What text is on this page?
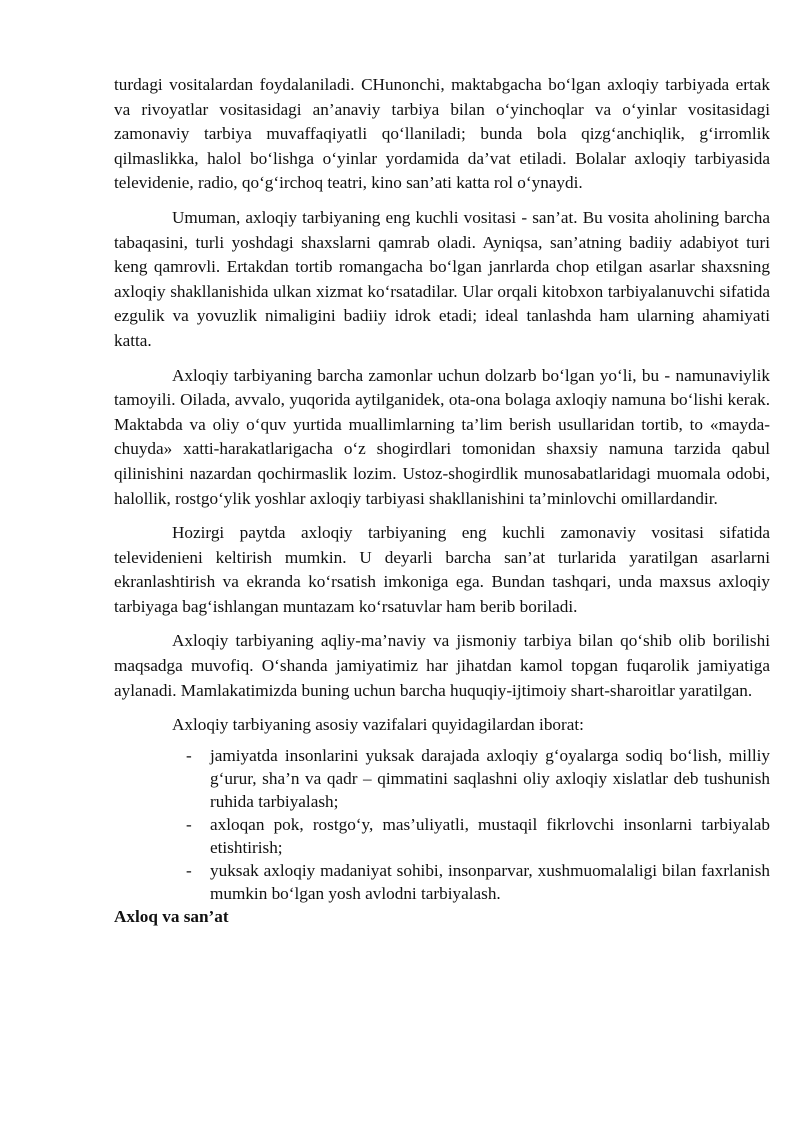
turdagi vositalardan foydalaniladi. CHunonchi, maktabgacha bo‘lgan axloqiy tarbiyada ertak va rivoyatlar vositasidagi an’anaviy tarbiya bilan o‘yinchoqlar va o‘yinlar vositasidagi zamonaviy tarbiya muvaffaqiyatli qo‘llaniladi; bunda bola qizg‘anchiqlik, g‘irromlik qilmaslikka, halol bo‘lishga o‘yinlar yordamida da’vat etiladi. Bolalar axloqiy tarbiyasida televidenie, radio, qo‘g‘irchoq teatri, kino san’ati katta rol o‘ynaydi.

Umuman, axloqiy tarbiyaning eng kuchli vositasi - san’at. Bu vosita aholining barcha tabaqasini, turli yoshdagi shaxslarni qamrab oladi. Ayniqsa, san’atning badiiy adabiyot turi keng qamrovli. Ertakdan tortib romangacha bo‘lgan janrlarda chop etilgan asarlar shaxsning axloqiy shakllanishida ulkan xizmat ko‘rsatadilar. Ular orqali kitobxon tarbiyalanuvchi sifatida ezgulik va yovuzlik nimaligini badiiy idrok etadi; ideal tanlashda ham ularning ahamiyati katta.

Axloqiy tarbiyaning barcha zamonlar uchun dolzarb bo‘lgan yo‘li, bu - namunaviylik tamoyili. Oilada, avvalo, yuqorida aytilganidek, ota-ona bolaga axloqiy namuna bo‘lishi kerak. Maktabda va oliy o‘quv yurtida muallimlarning ta’lim berish usullaridan tortib, to «mayda-chuyda» xatti-harakatlarigacha o‘z shogirdlari tomonidan shaxsiy namuna tarzida qabul qilinishini nazardan qochirmaslik lozim. Ustoz-shogirdlik munosabatlaridagi muomala odobi, halollik, rostgo‘ylik yoshlar axloqiy tarbiyasi shakllanishini ta’minlovchi omillardandir.

Hozirgi paytda axloqiy tarbiyaning eng kuchli zamonaviy vositasi sifatida televidenieni keltirish mumkin. U deyarli barcha san’at turlarida yaratilgan asarlarni ekranlashtirish va ekranda ko‘rsatish imkoniga ega. Bundan tashqari, unda maxsus axloqiy tarbiyaga bag‘ishlangan muntazam ko‘rsatuvlar ham berib boriladi.

Axloqiy tarbiyaning aqliy-ma’naviy va jismoniy tarbiya bilan qo‘shib olib borilishi maqsadga muvofiq. O‘shanda jamiyatimiz har jihatdan kamol topgan fuqarolik jamiyatiga aylanadi. Mamlakatimizda buning uchun barcha huquqiy-ijtimoiy shart-sharoitlar yaratilgan.

Axloqiy tarbiyaning asosiy vazifalari quyidagilardan iborat:

- jamiyatda insonlarini yuksak darajada axloqiy g‘oyalarga sodiq bo‘lish, milliy g‘urur, sha’n va qadr – qimmatini saqlashni oliy axloqiy xislatlar deb tushunish ruhida tarbiyalash;
- axloqan pok, rostgo‘y, mas’uliyatli, mustaqil fikrlovchi insonlarni tarbiyalab etishtirish;
- yuksak axloqiy madaniyat sohibi, insonparvar, xushmuomalaligi bilan faxrlanish mumkin bo‘lgan yosh avlodni tarbiyalash.

Axloq va san’at
